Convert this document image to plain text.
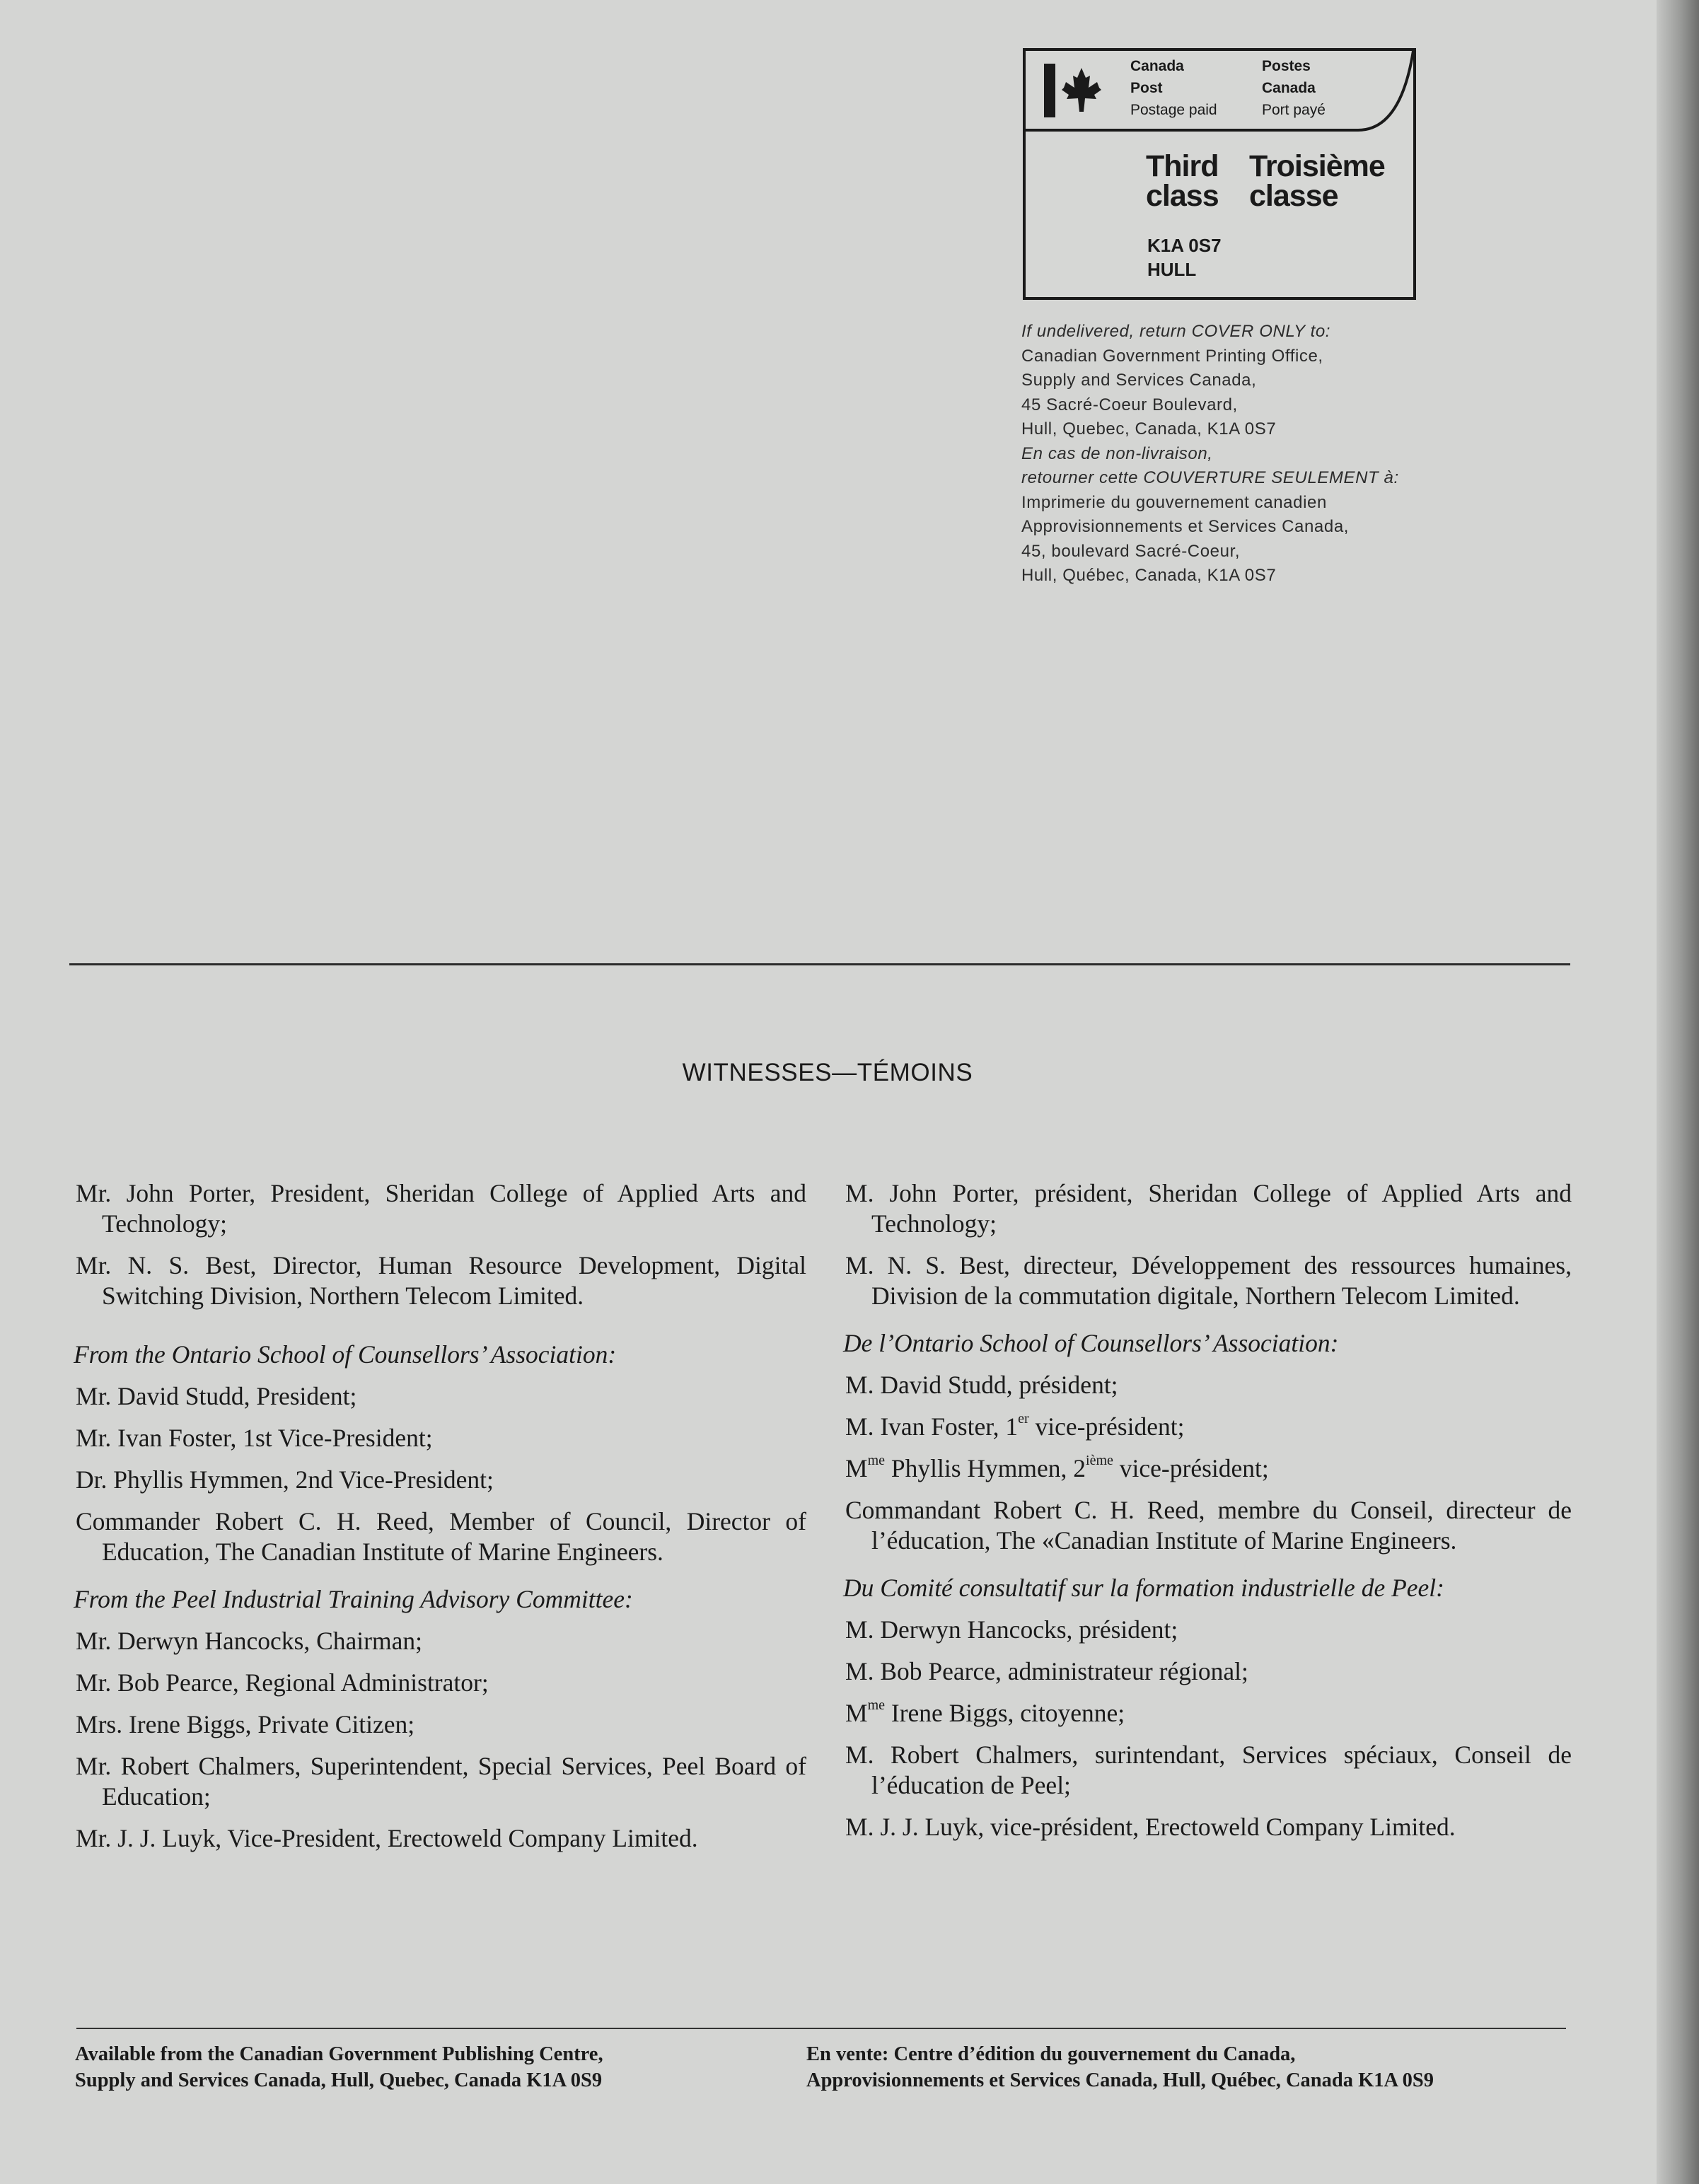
Canada
Post
Postage paid
Postes
Canada
Port payé
Third
class
Troisième
classe
K1A 0S7
HULL
If undelivered, return COVER ONLY to:
Canadian Government Printing Office,
Supply and Services Canada,
45 Sacré-Coeur Boulevard,
Hull, Quebec, Canada, K1A 0S7
En cas de non-livraison,
retourner cette COUVERTURE SEULEMENT à:
Imprimerie du gouvernement canadien
Approvisionnements et Services Canada,
45, boulevard Sacré-Coeur,
Hull, Québec, Canada, K1A 0S7
WITNESSES—TÉMOINS

Mr. John Porter, President, Sheridan College of Applied Arts and Technology;

Mr. N. S. Best, Director, Human Resource Development, Digital Switching Division, Northern Telecom Limited.

From the Ontario School of Counsellors’ Association:

Mr. David Studd, President;

Mr. Ivan Foster, 1st Vice-President;

Dr. Phyllis Hymmen, 2nd Vice-President;

Commander Robert C. H. Reed, Member of Council, Director of Education, The Canadian Institute of Marine Engineers.

From the Peel Industrial Training Advisory Committee:

Mr. Derwyn Hancocks, Chairman;

Mr. Bob Pearce, Regional Administrator;

Mrs. Irene Biggs, Private Citizen;

Mr. Robert Chalmers, Superintendent, Special Services, Peel Board of Education;

Mr. J. J. Luyk, Vice-President, Erectoweld Company Limited.

M. John Porter, président, Sheridan College of Applied Arts and Technology;

M. N. S. Best, directeur, Développement des ressources humaines, Division de la commutation digitale, Northern Telecom Limited.

De l’Ontario School of Counsellors’ Association:

M. David Studd, président;

M. Ivan Foster, 1er vice-président;

$M^{me}$ Phyllis Hymmen, 2ième vice-président;

Commandant Robert C. H. Reed, membre du Conseil, directeur de l’éducation, The «Canadian Institute of Marine Engineers.

Du Comité consultatif sur la formation industrielle de Peel:

M. Derwyn Hancocks, président;

M. Bob Pearce, administrateur régional;

$M^{me}$ Irene Biggs, citoyenne;

M. Robert Chalmers, surintendant, Services spéciaux, Conseil de l’éducation de Peel;

M. J. J. Luyk, vice-président, Erectoweld Company Limited.

Available from the Canadian Government Publishing Centre,
Supply and Services Canada, Hull, Quebec, Canada K1A 0S9
En vente: Centre d’édition du gouvernement du Canada,
Approvisionnements et Services Canada, Hull, Québec, Canada K1A 0S9
